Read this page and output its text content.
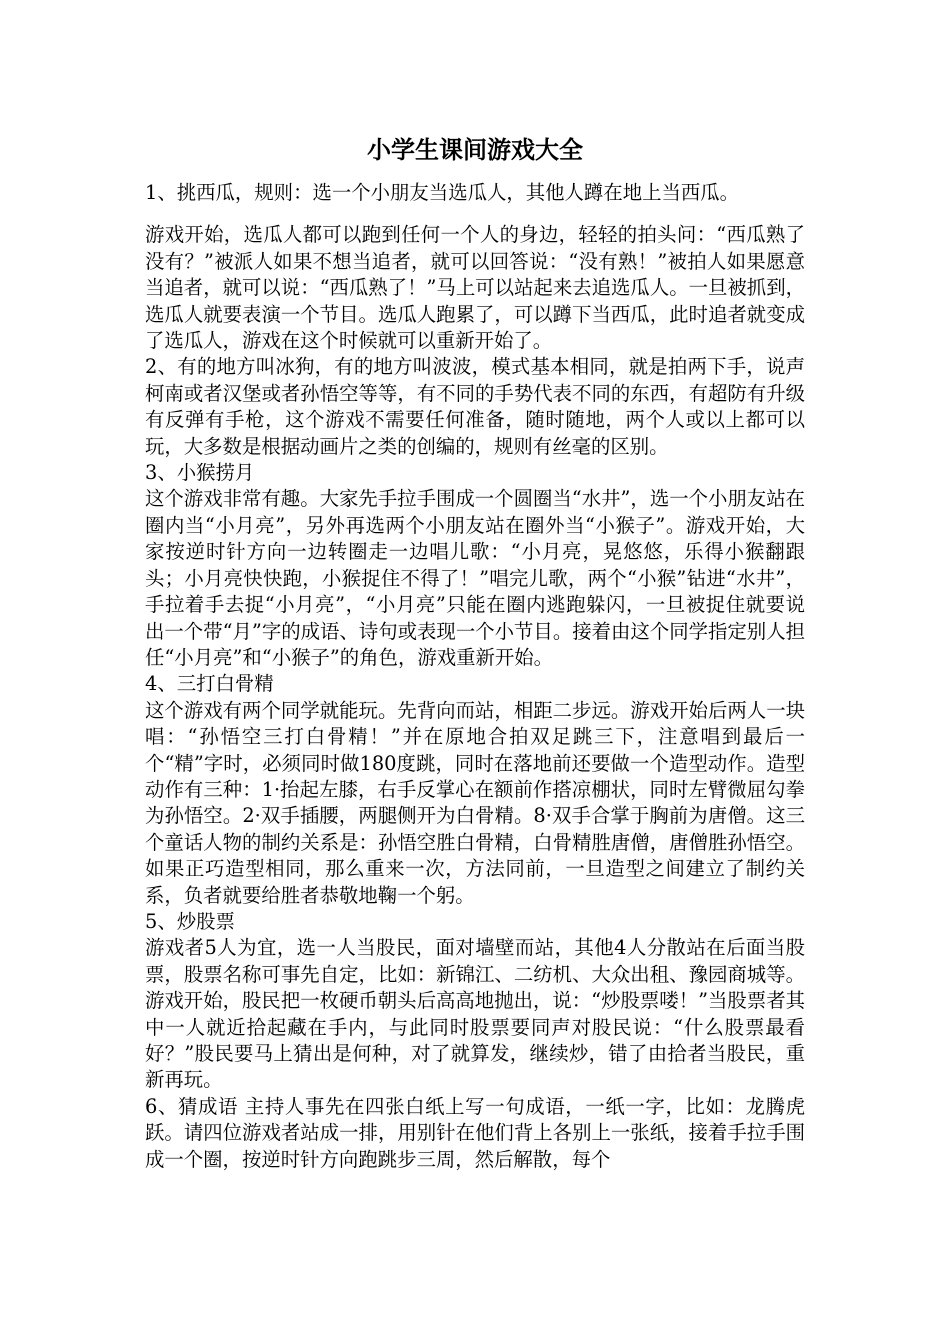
小学生课间游戏大全

1、挑西瓜，规则：选一个小朋友当选瓜人，其他人蹲在地上当西瓜。

游戏开始，选瓜人都可以跑到任何一个人的身边，轻轻的拍头问：“西瓜熟了没有？”被派人如果不想当追者，就可以回答说：“没有熟！”被拍人如果愿意当追者，就可以说：“西瓜熟了！”马上可以站起来去追选瓜人。一旦被抓到，选瓜人就要表演一个节目。选瓜人跑累了，可以蹲下当西瓜，此时追者就变成了选瓜人，游戏在这个时候就可以重新开始了。

2、有的地方叫冰狗，有的地方叫波波，模式基本相同，就是拍两下手，说声柯南或者汉堡或者孙悟空等等，有不同的手势代表不同的东西，有超防有升级有反弹有手枪，这个游戏不需要任何准备，随时随地，两个人或以上都可以玩，大多数是根据动画片之类的创编的，规则有丝毫的区别。

3、小猴捞月

这个游戏非常有趣。大家先手拉手围成一个圆圈当“水井”，选一个小朋友站在圈内当“小月亮”，另外再选两个小朋友站在圈外当“小猴子”。游戏开始，大家按逆时针方向一边转圈走一边唱儿歌：“小月亮，晃悠悠，乐得小猴翻跟头；小月亮快快跑，小猴捉住不得了！”唱完儿歌，两个“小猴”钻进“水井”，手拉着手去捉“小月亮”，“小月亮”只能在圈内逃跑躲闪，一旦被捉住就要说出一个带“月”字的成语、诗句或表现一个小节目。接着由这个同学指定别人担任“小月亮”和“小猴子”的角色，游戏重新开始。

4、三打白骨精

这个游戏有两个同学就能玩。先背向而站，相距二步远。游戏开始后两人一块唱：“孙悟空三打白骨精！”并在原地合拍双足跳三下，注意唱到最后一个“精”字时，必须同时做180度跳，同时在落地前还要做一个造型动作。造型动作有三种：1·抬起左膝，右手反掌心在额前作搭凉棚状，同时左臂微屈勾拳为孙悟空。2·双手插腰，两腿侧开为白骨精。8·双手合掌于胸前为唐僧。这三个童话人物的制约关系是：孙悟空胜白骨精，白骨精胜唐僧，唐僧胜孙悟空。如果正巧造型相同，那么重来一次，方法同前，一旦造型之间建立了制约关系，负者就要给胜者恭敬地鞠一个躬。

5、炒股票

游戏者5人为宜，选一人当股民，面对墙壁而站，其他4人分散站在后面当股票，股票名称可事先自定，比如：新锦江、二纺机、大众出租、豫园商城等。游戏开始，股民把一枚硬币朝头后高高地抛出，说：“炒股票喽！”当股票者其中一人就近拾起藏在手内，与此同时股票要同声对股民说：“什么股票最看好？”股民要马上猜出是何种，对了就算发，继续炒，错了由拾者当股民，重新再玩。

6、猜成语 主持人事先在四张白纸上写一句成语，一纸一字，比如：龙腾虎跃。请四位游戏者站成一排，用别针在他们背上各别上一张纸，接着手拉手围 成一个圈，按逆时针方向跑跳步三周，然后解散，每个
